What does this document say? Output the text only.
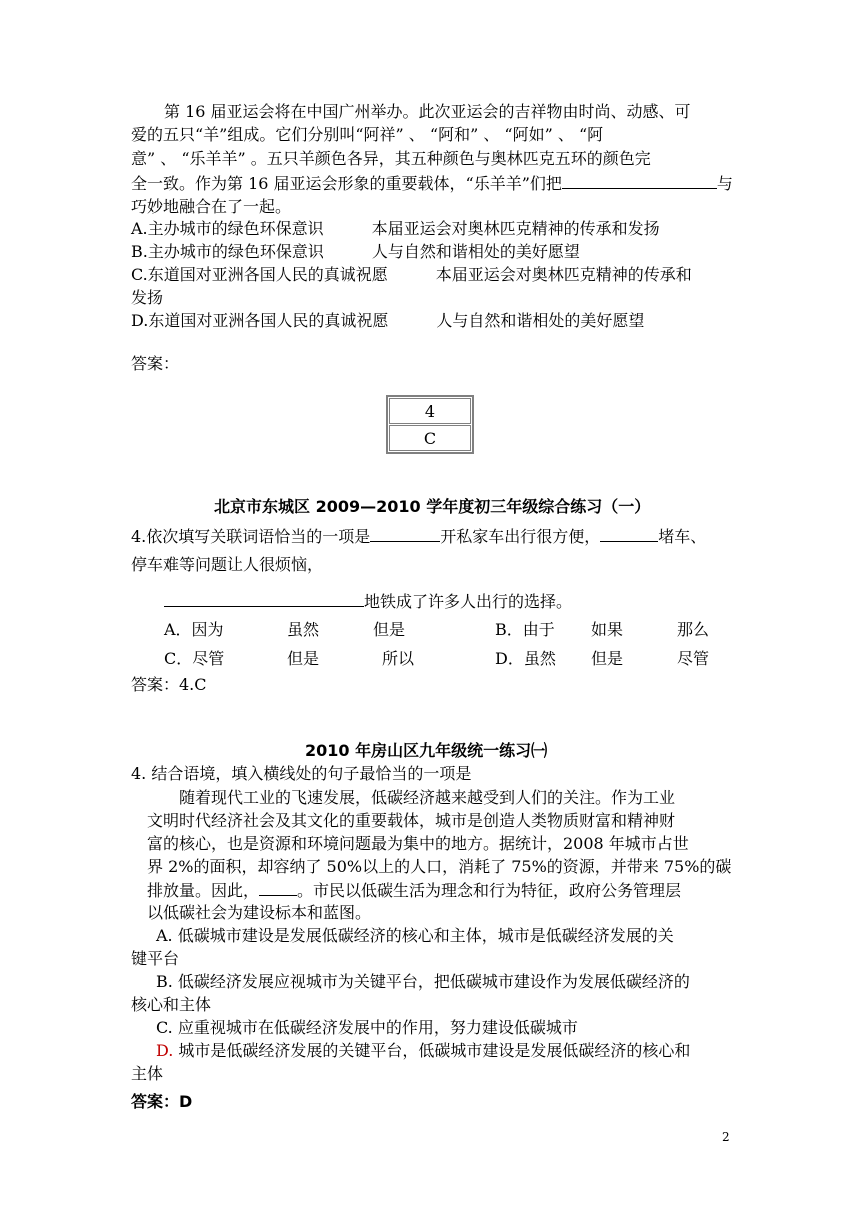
第 16 届亚运会将在中国广州举办。此次亚运会的吉祥物由时尚、动感、可
爱的五只“羊”组成。它们分别叫“阿祥” 、 “阿和” 、 “阿如” 、 “阿
意” 、 “乐羊羊” 。五只羊颜色各异，其五种颜色与奥林匹克五环的颜色完
全一致。作为第 16 届亚运会形象的重要载体，“乐羊羊”们把	与
巧妙地融合在了一起。
A.主办城市的绿色环保意识　　　本届亚运会对奥林匹克精神的传承和发扬
B.主办城市的绿色环保意识　　　人与自然和谐相处的美好愿望
C.东道国对亚洲各国人民的真诚祝愿　　　本届亚运会对奥林匹克精神的传承和
发扬
D.东道国对亚洲各国人民的真诚祝愿　　　人与自然和谐相处的美好愿望
答案：
4
C
北京市东城区 2009—2010 学年度初三年级综合练习（一）
4.依次填写关联词语恰当的一项是	开私家车出行很方便，	堵车、
停车难等问题让人很烦恼，
地铁成了许多人出行的选择。
A．因为	虽然	但是	B．由于 如果	那么
C．尽管	但是	所以	D．虽然 但是	尽管
答案：4.C
2010 年房山区九年级统一练习㈠
4. 结合语境，填入横线处的句子最恰当的一项是
随着现代工业的飞速发展，低碳经济越来越受到人们的关注。作为工业
文明时代经济社会及其文化的重要载体，城市是创造人类物质财富和精神财
富的核心，也是资源和环境问题最为集中的地方。据统计，2008 年城市占世
界 2%的面积，却容纳了 50%以上的人口，消耗了 75%的资源，并带来 75%的碳
排放量。因此， 。市民以低碳生活为理念和行为特征，政府公务管理层
以低碳社会为建设标本和蓝图。
A. 低碳城市建设是发展低碳经济的核心和主体，城市是低碳经济发展的关
键平台
B. 低碳经济发展应视城市为关键平台，把低碳城市建设作为发展低碳经济的
核心和主体
C. 应重视城市在低碳经济发展中的作用，努力建设低碳城市
D. 城市是低碳经济发展的关键平台，低碳城市建设是发展低碳经济的核心和
主体
答案：D
2
